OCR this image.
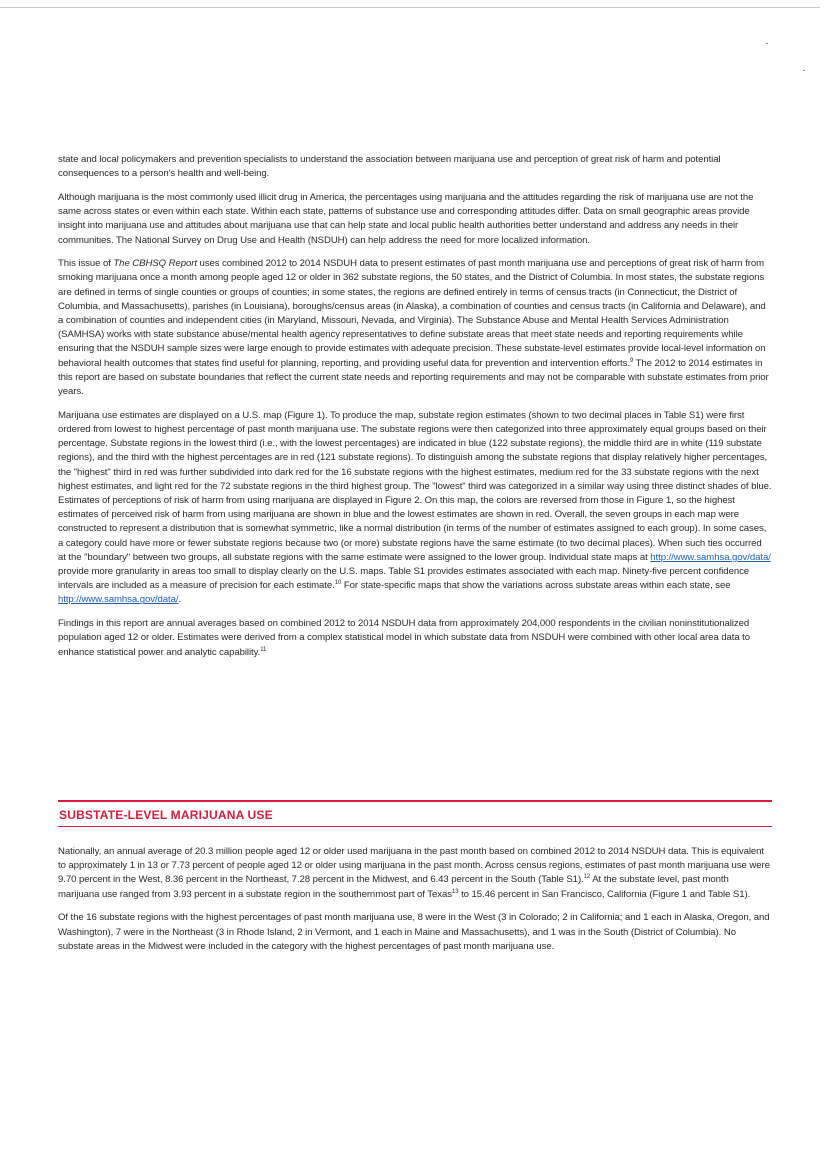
state and local policymakers and prevention specialists to understand the association between marijuana use and perception of great risk of harm and potential consequences to a person's health and well-being.

Although marijuana is the most commonly used illicit drug in America, the percentages using marijuana and the attitudes regarding the risk of marijuana use are not the same across states or even within each state. Within each state, patterns of substance use and corresponding attitudes differ. Data on small geographic areas provide insight into marijuana use and attitudes about marijuana use that can help state and local public health authorities better understand and address any needs in their communities. The National Survey on Drug Use and Health (NSDUH) can help address the need for more localized information.

This issue of The CBHSQ Report uses combined 2012 to 2014 NSDUH data to present estimates of past month marijuana use and perceptions of great risk of harm from smoking marijuana once a month among people aged 12 or older in 362 substate regions, the 50 states, and the District of Columbia. In most states, the substate regions are defined in terms of single counties or groups of counties; in some states, the regions are defined entirely in terms of census tracts (in Connecticut, the District of Columbia, and Massachusetts), parishes (in Louisiana), boroughs/census areas (in Alaska), a combination of counties and census tracts (in California and Delaware), and a combination of counties and independent cities (in Maryland, Missouri, Nevada, and Virginia). The Substance Abuse and Mental Health Services Administration (SAMHSA) works with state substance abuse/mental health agency representatives to define substate areas that meet state needs and reporting requirements while ensuring that the NSDUH sample sizes were large enough to provide estimates with adequate precision. These substate-level estimates provide local-level information on behavioral health outcomes that states find useful for planning, reporting, and providing useful data for prevention and intervention efforts.$^9$ The 2012 to 2014 estimates in this report are based on substate boundaries that reflect the current state needs and reporting requirements and may not be comparable with substate estimates from prior years.

Marijuana use estimates are displayed on a U.S. map (Figure 1). To produce the map, substate region estimates (shown to two decimal places in Table S1) were first ordered from lowest to highest percentage of past month marijuana use. The substate regions were then categorized into three approximately equal groups based on their percentage. Substate regions in the lowest third (i.e., with the lowest percentages) are indicated in blue (122 substate regions), the middle third are in white (119 substate regions), and the third with the highest percentages are in red (121 substate regions). To distinguish among the substate regions that display relatively higher percentages, the "highest" third in red was further subdivided into dark red for the 16 substate regions with the highest estimates, medium red for the 33 substate regions with the next highest estimates, and light red for the 72 substate regions in the third highest group. The "lowest" third was categorized in a similar way using three distinct shades of blue. Estimates of perceptions of risk of harm from using marijuana are displayed in Figure 2. On this map, the colors are reversed from those in Figure 1, so the highest estimates of perceived risk of harm from using marijuana are shown in blue and the lowest estimates are shown in red. Overall, the seven groups in each map were constructed to represent a distribution that is somewhat symmetric, like a normal distribution (in terms of the number of estimates assigned to each group). In some cases, a category could have more or fewer substate regions because two (or more) substate regions have the same estimate (to two decimal places). When such ties occurred at the "boundary" between two groups, all substate regions with the same estimate were assigned to the lower group. Individual state maps at http://www.samhsa.gov/data/ provide more granularity in areas too small to display clearly on the U.S. maps. Table S1 provides estimates associated with each map. Ninety-five percent confidence intervals are included as a measure of precision for each estimate.$^{10}$ For state-specific maps that show the variations across substate areas within each state, see http://www.samhsa.gov/data/.

Findings in this report are annual averages based on combined 2012 to 2014 NSDUH data from approximately 204,000 respondents in the civilian noninstitutionalized population aged 12 or older. Estimates were derived from a complex statistical model in which substate data from NSDUH were combined with other local area data to enhance statistical power and analytic capability.$^{11}$

SUBSTATE-LEVEL MARIJUANA USE

Nationally, an annual average of 20.3 million people aged 12 or older used marijuana in the past month based on combined 2012 to 2014 NSDUH data. This is equivalent to approximately 1 in 13 or 7.73 percent of people aged 12 or older using marijuana in the past month. Across census regions, estimates of past month marijuana use were 9.70 percent in the West, 8.36 percent in the Northeast, 7.28 percent in the Midwest, and 6.43 percent in the South (Table S1).$^{12}$ At the substate level, past month marijuana use ranged from 3.93 percent in a substate region in the southernmost part of Texas$^{13}$ to 15.46 percent in San Francisco, California (Figure 1 and Table S1).

Of the 16 substate regions with the highest percentages of past month marijuana use, 8 were in the West (3 in Colorado; 2 in California; and 1 each in Alaska, Oregon, and Washington), 7 were in the Northeast (3 in Rhode Island, 2 in Vermont, and 1 each in Maine and Massachusetts), and 1 was in the South (District of Columbia). No substate areas in the Midwest were included in the category with the highest percentages of past month marijuana use.
